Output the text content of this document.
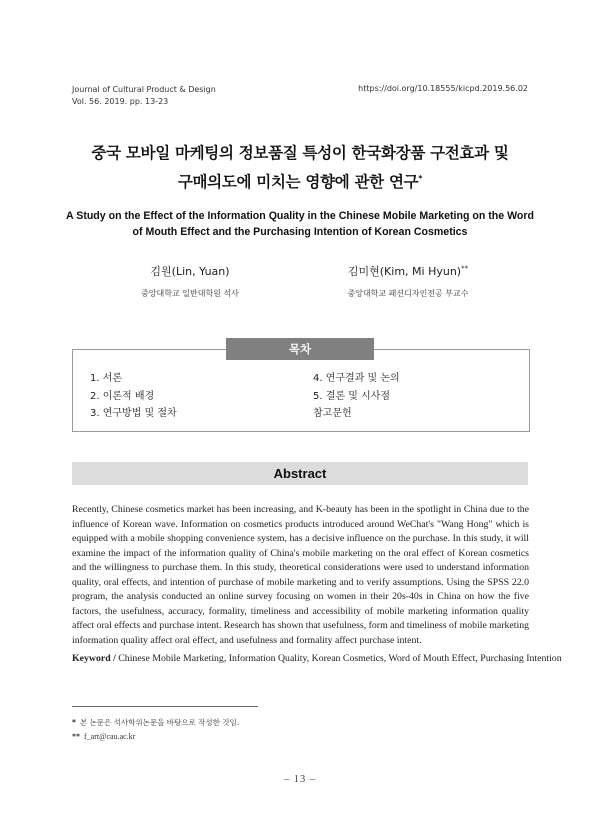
Journal of Cultural Product & Design
Vol. 56. 2019. pp. 13-23
https://doi.org/10.18555/kicpd.2019.56.02
중국 모바일 마케팅의 정보품질 특성이 한국화장품 구전효과 및
구매의도에 미치는 영향에 관한 연구*
A Study on the Effect of the Information Quality in the Chinese Mobile Marketing on the Word
of Mouth Effect and the Purchasing Intention of Korean Cosmetics
김원(Lin, Yuan)
중앙대학교 일반대학원 석사
김미현(Kim, Mi Hyun)**
중앙대학교 패션디자인전공 부교수
목차
1. 서론
2. 이론적 배경
3. 연구방법 및 절차
4. 연구결과 및 논의
5. 결론 및 시사점
참고문헌
Abstract

Recently, Chinese cosmetics market has been increasing, and K-beauty has been in the spotlight in China due to the influence of Korean wave. Information on cosmetics products introduced around WeChat's "Wang Hong" which is equipped with a mobile shopping convenience system, has a decisive influence on the purchase. In this study, it will examine the impact of the information quality of China's mobile marketing on the oral effect of Korean cosmetics and the willingness to purchase them. In this study, theoretical considerations were used to understand information quality, oral effects, and intention of purchase of mobile marketing and to verify assumptions. Using the SPSS 22.0 program, the analysis conducted an online survey focusing on women in their 20s-40s in China on how the five factors, the usefulness, accuracy, formality, timeliness and accessibility of mobile marketing information quality affect oral effects and purchase intent. Research has shown that usefulness, form and timeliness of mobile marketing information quality affect oral effect, and usefulness and formality affect purchase intent.

Keyword / Chinese Mobile Marketing, Information Quality, Korean Cosmetics, Word of Mouth Effect, Purchasing Intention
* 본 논문은 석사학위논문을 바탕으로 작성한 것임.
** f_art@cau.ac.kr
– 13 –
